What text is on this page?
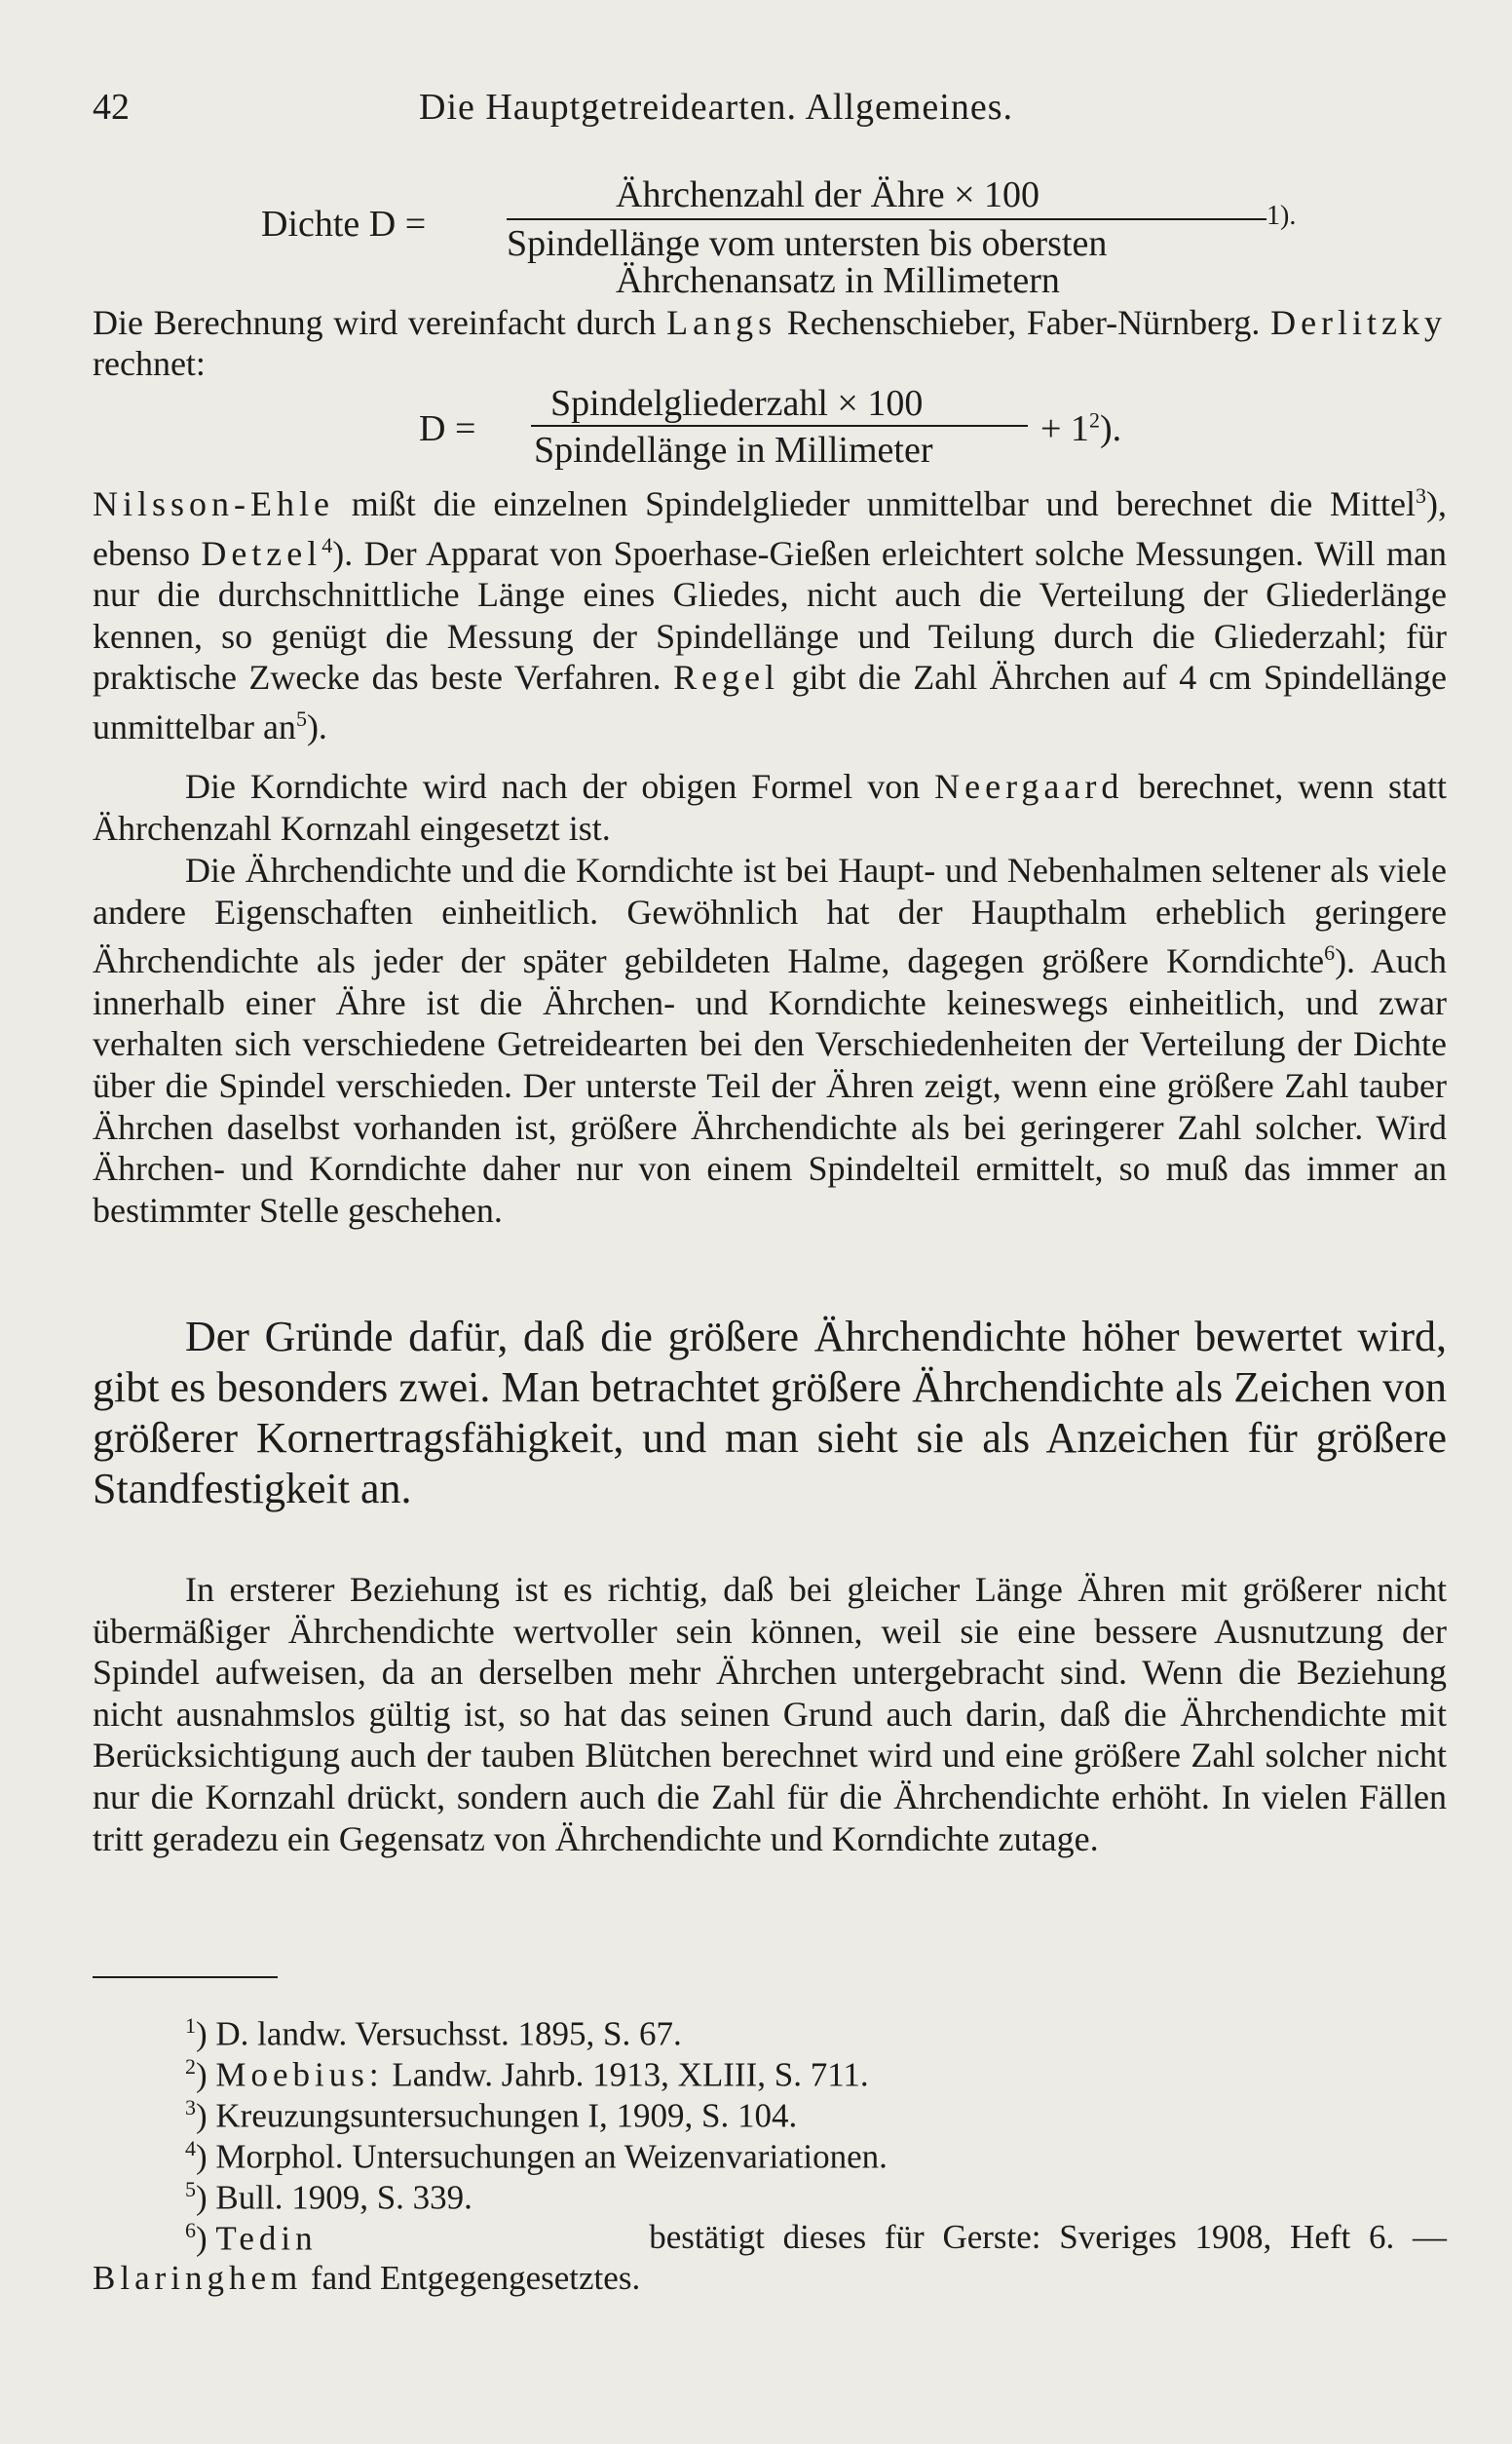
42	Die Hauptgetreidearten. Allgemeines.
Dichte D =
Ährchenzahl der Ähre × 100
Spindellänge vom untersten bis obersten
1).
Ährchenansatz in Millimetern
Die Berechnung wird vereinfacht durch Langs Rechenschieber, Faber-Nürnberg. Derlitzky rechnet:
D =
Spindelgliederzahl × 100
Spindellänge in Millimeter
+ $1^2$).
Nilsson-Ehle mißt die einzelnen Spindelglieder unmittelbar und berechnet die Mittel$^3$), ebenso Detzel$^4$). Der Apparat von Spoerhase-Gießen erleichtert solche Messungen. Will man nur die durchschnittliche Länge eines Gliedes, nicht auch die Verteilung der Gliederlänge kennen, so genügt die Messung der Spindellänge und Teilung durch die Gliederzahl; für praktische Zwecke das beste Verfahren. Regel gibt die Zahl Ährchen auf 4 cm Spindellänge unmittelbar $an^5$).
Die Korndichte wird nach der obigen Formel von Neergaard berechnet, wenn statt Ährchenzahl Kornzahl eingesetzt ist.
Die Ährchendichte und die Korndichte ist bei Haupt- und Nebenhalmen seltener als viele andere Eigenschaften einheitlich. Gewöhnlich hat der Haupthalm erheblich geringere Ährchendichte als jeder der später gebildeten Halme, dagegen größere Korndichte$^6$). Auch innerhalb einer Ähre ist die Ährchen- und Korndichte keineswegs einheitlich, und zwar verhalten sich verschiedene Getreidearten bei den Verschiedenheiten der Verteilung der Dichte über die Spindel verschieden. Der unterste Teil der Ähren zeigt, wenn eine größere Zahl tauber Ährchen daselbst vorhanden ist, größere Ährchendichte als bei geringerer Zahl solcher. Wird Ährchen- und Korndichte daher nur von einem Spindelteil ermittelt, so muß das immer an bestimmter Stelle geschehen.
Der Gründe dafür, daß die größere Ährchendichte höher bewertet wird, gibt es besonders zwei. Man betrachtet größere Ährchendichte als Zeichen von größerer Kornertragsfähigkeit, und man sieht sie als Anzeichen für größere Standfestigkeit an.
In ersterer Beziehung ist es richtig, daß bei gleicher Länge Ähren mit größerer nicht übermäßiger Ährchendichte wertvoller sein können, weil sie eine bessere Ausnutzung der Spindel aufweisen, da an derselben mehr Ährchen untergebracht sind. Wenn die Beziehung nicht ausnahmslos gültig ist, so hat das seinen Grund auch darin, daß die Ährchendichte mit Berücksichtigung auch der tauben Blütchen berechnet wird und eine größere Zahl solcher nicht nur die Kornzahl drückt, sondern auch die Zahl für die Ährchendichte erhöht. In vielen Fällen tritt geradezu ein Gegensatz von Ährchendichte und Korndichte zutage.
$^1$) D. landw. Versuchsst. 1895, S. 67.
$^2$) Moebius: Landw. Jahrb. 1913, XLIII, S. 711.
$^3$) Kreuzungsuntersuchungen I, 1909, S. 104.
$^4$) Morphol. Untersuchungen an Weizenvariationen.
$^5$) Bull. 1909, S. 339.
$^6$) Tedin	bestätigt dieses für Gerste: Sveriges 1908, Heft 6. —
Blaringhem fand Entgegengesetztes.
